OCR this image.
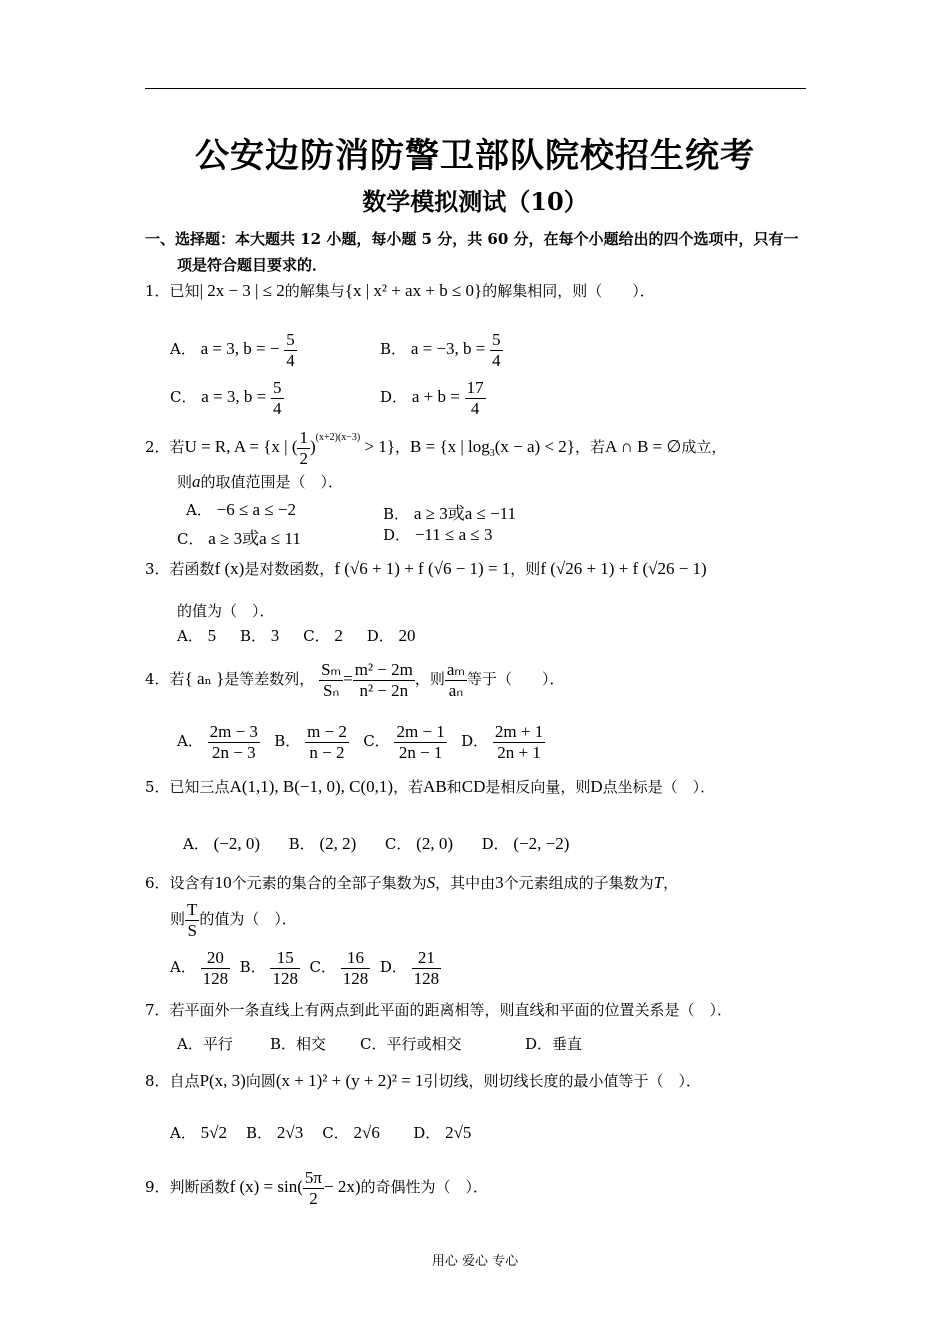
公安边防消防警卫部队院校招生统考
数学模拟测试（10）
一、选择题：本大题共 12 小题，每小题 5 分，共 60 分，在每个小题给出的四个选项中，只有一
项是符合题目要求的．
1．已知| 2x − 3 | ≤ 2的解集与{x | x² + ax + b ≤ 0}的解集相同，则（　　）．
A． a = 3, b = − $\frac{5}{4}$	B． a = −3, $b = \frac{5}{4}$
C． a = 3, $b = \frac{5}{4}$	D． $a + b = \frac{17}{4}$
2．若U = R, A = {x | ( $\frac{1}{2} )^{(x+2)(x-3)} > 1$}，B = {x | $\log_3(x - a) < 2$}，若A ∩ B = ∅成立，
则a的取值范围是（　）．
A． −6 ≤ a ≤ −2	B． a ≥ 3或a ≤ −11
C． a ≥ 3或a ≤ 11	D． −11 ≤ a ≤ 3
3．若函数f (x)是对数函数，f (√6 + 1) + f (√6 − 1) = 1，则f (√26 + 1) + f (√26 − 1)
的值为（　）．
A． 5 B． 3 C． 2 D． 20
4．若{ aₙ }是等差数列， $\frac{\text{Sₘ}}{\text{Sₙ}} = \frac{\text{m² − 2m}}{\text{n² − 2n}}$ ，则 $\frac{\text{aₘ}}{\text{aₙ}}$ 等于（　　）．
A． $\frac{2m - 3}{2n - 3}$ B． $\frac{m - 2}{n - 2}$ C． $\frac{2m - 1}{2n - 1}$ D． $\frac{2m + 1}{2n + 1}$
5．已知三点A(1,1), B(−1, 0), C(0,1)，若AB和CD是相反向量，则D点坐标是（　）．
A． (−2, 0) B． (2, 2) C． (2, 0) D． (−2, −2)
6．设含有10个元素的集合的全部子集数为S，其中由3个元素组成的子集数为T，
则 $\frac{T}{S}$ 的值为（　）．
A． $\frac{20}{128}$ B． $\frac{15}{128}$ C． $\frac{16}{128}$ D． $\frac{21}{128}$
7．若平面外一条直线上有两点到此平面的距离相等，则直线和平面的位置关系是（　）．
A．平行 B．相交 C．平行或相交	D．垂直
8．自点P(x, 3)向圆(x + 1)² + (y + 2)² = 1引切线，则切线长度的最小值等于（　）．
A． 5√2 B． 2√3 C． 2√6 D． 2√5
9．判断函数f $(x) = \sin( \frac{5\pi}{2} - 2x)$的奇偶性为（　）．
用心 爱心 专心
